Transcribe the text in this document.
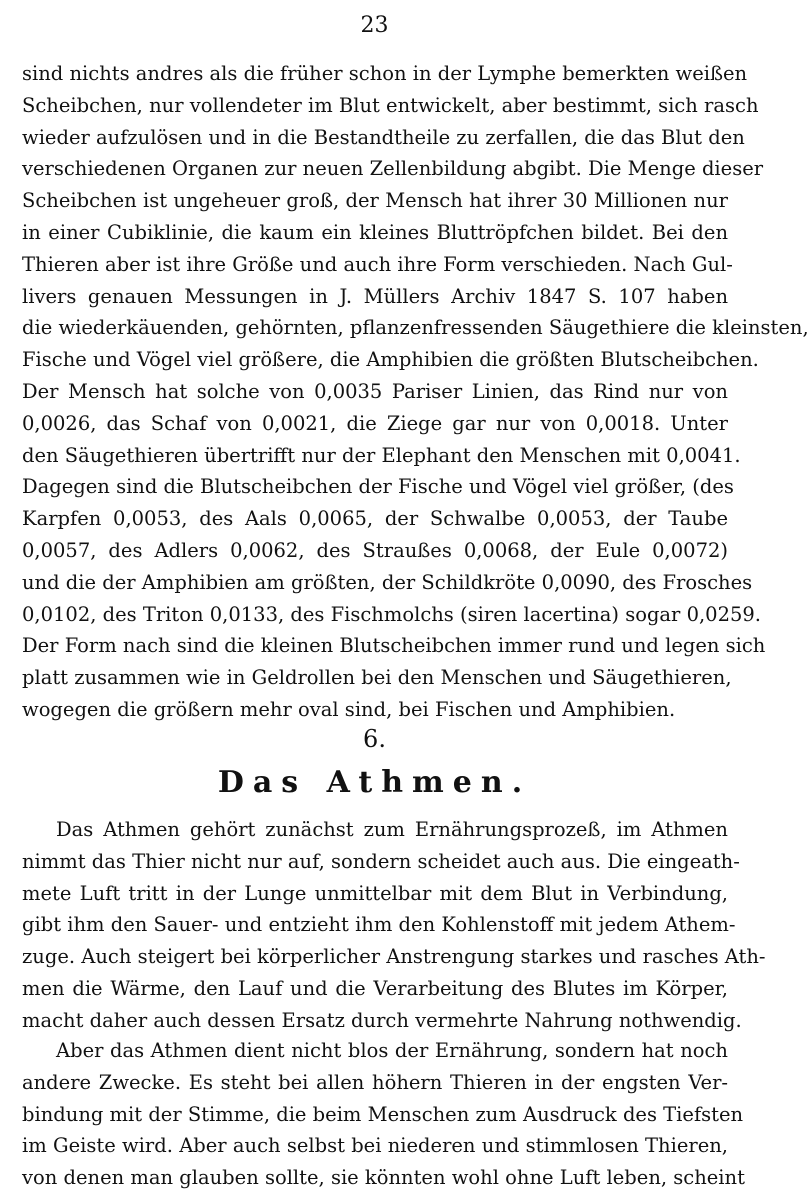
23
sind nichts andres als die früher schon in der Lymphe bemerkten weißen
Scheibchen, nur vollendeter im Blut entwickelt, aber bestimmt, sich rasch
wieder aufzulösen und in die Bestandtheile zu zerfallen, die das Blut den
verschiedenen Organen zur neuen Zellenbildung abgibt. Die Menge dieser
Scheibchen ist ungeheuer groß, der Mensch hat ihrer 30 Millionen nur
in einer Cubiklinie, die kaum ein kleines Bluttröpfchen bildet. Bei den
Thieren aber ist ihre Größe und auch ihre Form verschieden. Nach Gul-
livers genauen Messungen in J. Müllers Archiv 1847 S. 107 haben
die wiederkäuenden, gehörnten, pflanzenfressenden Säugethiere die kleinsten,
Fische und Vögel viel größere, die Amphibien die größten Blutscheibchen.
Der Mensch hat solche von 0,0035 Pariser Linien, das Rind nur von
0,0026, das Schaf von 0,0021, die Ziege gar nur von 0,0018. Unter
den Säugethieren übertrifft nur der Elephant den Menschen mit 0,0041.
Dagegen sind die Blutscheibchen der Fische und Vögel viel größer, (des
Karpfen 0,0053, des Aals 0,0065, der Schwalbe 0,0053, der Taube
0,0057, des Adlers 0,0062, des Straußes 0,0068, der Eule 0,0072)
und die der Amphibien am größten, der Schildkröte 0,0090, des Frosches
0,0102, des Triton 0,0133, des Fischmolchs (siren lacertina) sogar 0,0259.
Der Form nach sind die kleinen Blutscheibchen immer rund und legen sich
platt zusammen wie in Geldrollen bei den Menschen und Säugethieren,
wogegen die größern mehr oval sind, bei Fischen und Amphibien.
6.
Das Athmen.
Das Athmen gehört zunächst zum Ernährungsprozeß, im Athmen
nimmt das Thier nicht nur auf, sondern scheidet auch aus. Die eingeath-
mete Luft tritt in der Lunge unmittelbar mit dem Blut in Verbindung,
gibt ihm den Sauer- und entzieht ihm den Kohlenstoff mit jedem Athem-
zuge. Auch steigert bei körperlicher Anstrengung starkes und rasches Ath-
men die Wärme, den Lauf und die Verarbeitung des Blutes im Körper,
macht daher auch dessen Ersatz durch vermehrte Nahrung nothwendig.
Aber das Athmen dient nicht blos der Ernährung, sondern hat noch
andere Zwecke. Es steht bei allen höhern Thieren in der engsten Ver-
bindung mit der Stimme, die beim Menschen zum Ausdruck des Tiefsten
im Geiste wird. Aber auch selbst bei niederen und stimmlosen Thieren,
von denen man glauben sollte, sie könnten wohl ohne Luft leben, scheint
